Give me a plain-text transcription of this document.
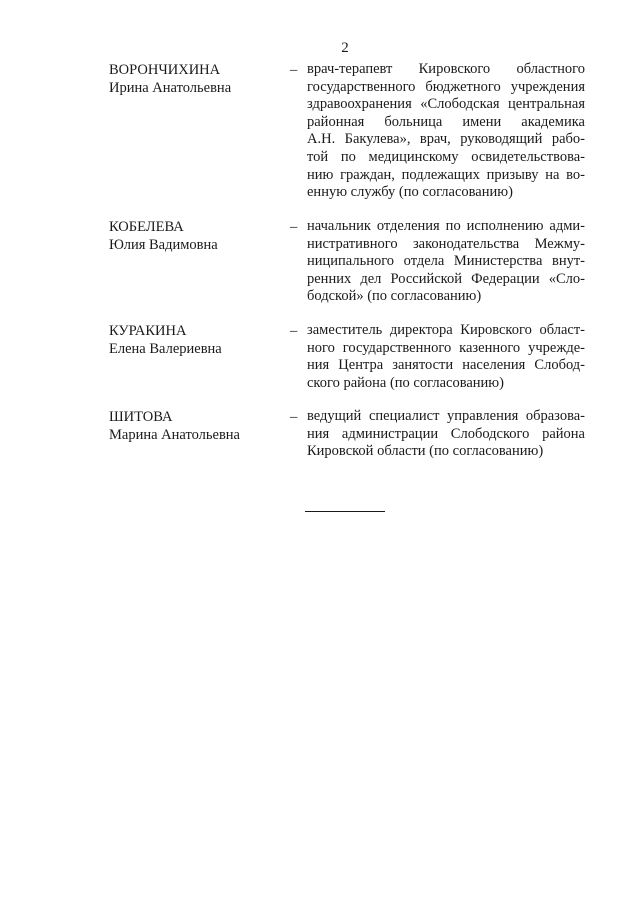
2
ВОРОНЧИХИНА
Ирина Анатольевна
– врач-терапевт Кировского областного
государственного бюджетного учреждения
здравоохранения «Слободская центральная
районная больница имени академика
А.Н. Бакулева», врач, руководящий рабо-
той по медицинскому освидетельствова-
нию граждан, подлежащих призыву на во-
енную службу (по согласованию)
КОБЕЛЕВА
Юлия Вадимовна
– начальник отделения по исполнению адми-
нистративного законодательства Межму-
ниципального отдела Министерства внут-
ренних дел Российской Федерации «Сло-
бодской» (по согласованию)
КУРАКИНА
Елена Валериевна
– заместитель директора Кировского област-
ного государственного казенного учрежде-
ния Центра занятости населения Слобод-
ского района (по согласованию)
ШИТОВА
Марина Анатольевна
– ведущий специалист управления образова-
ния администрации Слободского района
Кировской области (по согласованию)
